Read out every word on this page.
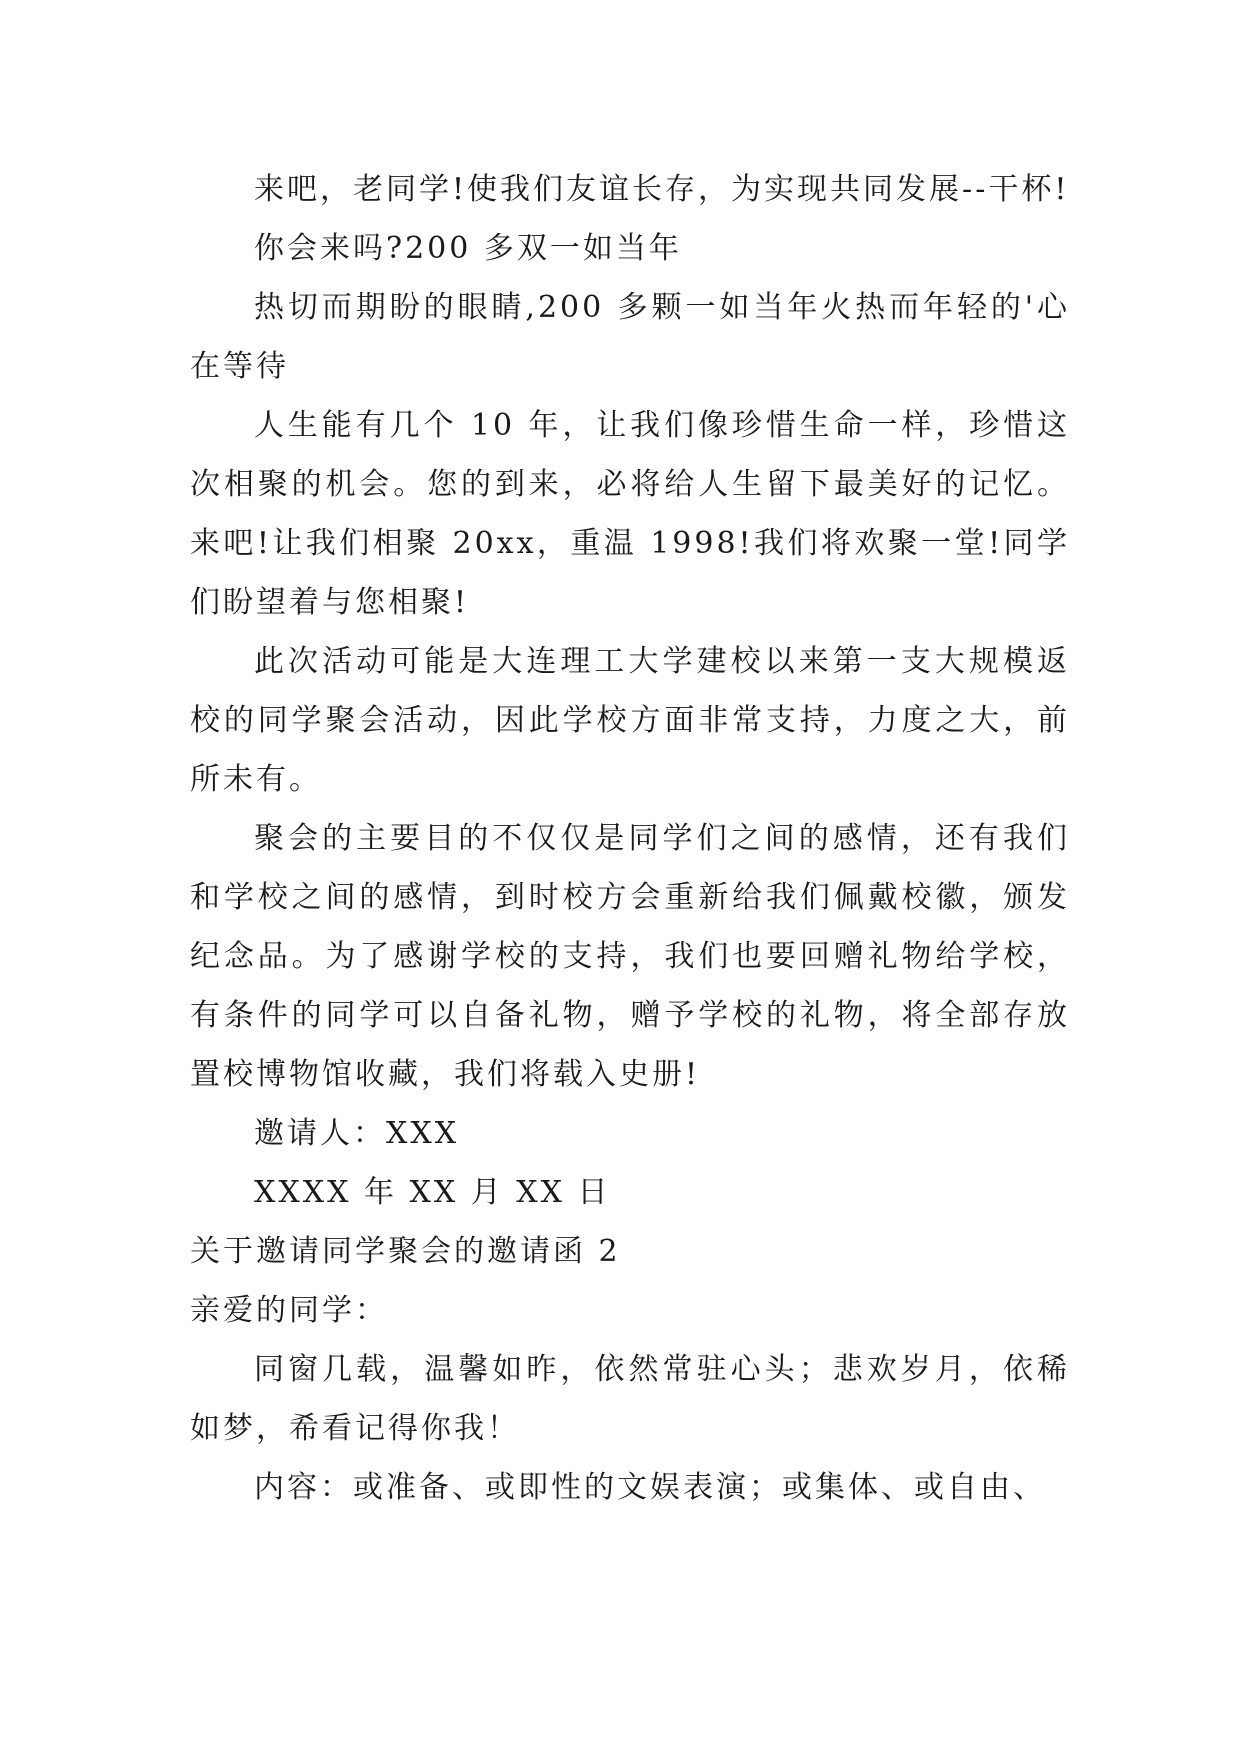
来吧，老同学!使我们友谊长存，为实现共同发展--干杯!

你会来吗?200 多双一如当年

热切而期盼的眼睛,200 多颗一如当年火热而年轻的'心在等待

人生能有几个 10 年，让我们像珍惜生命一样，珍惜这次相聚的机会。您的到来，必将给人生留下最美好的记忆。来吧!让我们相聚 20xx，重温 1998!我们将欢聚一堂!同学们盼望着与您相聚!

此次活动可能是大连理工大学建校以来第一支大规模返校的同学聚会活动，因此学校方面非常支持，力度之大，前所未有。

聚会的主要目的不仅仅是同学们之间的感情，还有我们和学校之间的感情，到时校方会重新给我们佩戴校徽，颁发纪念品。为了感谢学校的支持，我们也要回赠礼物给学校，有条件的同学可以自备礼物，赠予学校的礼物，将全部存放置校博物馆收藏，我们将载入史册!

邀请人：XXX

XXXX 年 XX 月 XX 日

关于邀请同学聚会的邀请函 2

亲爱的同学：

同窗几载，温馨如昨，依然常驻心头；悲欢岁月，依稀如梦，希看记得你我！

内容：或准备、或即性的文娱表演；或集体、或自由、
